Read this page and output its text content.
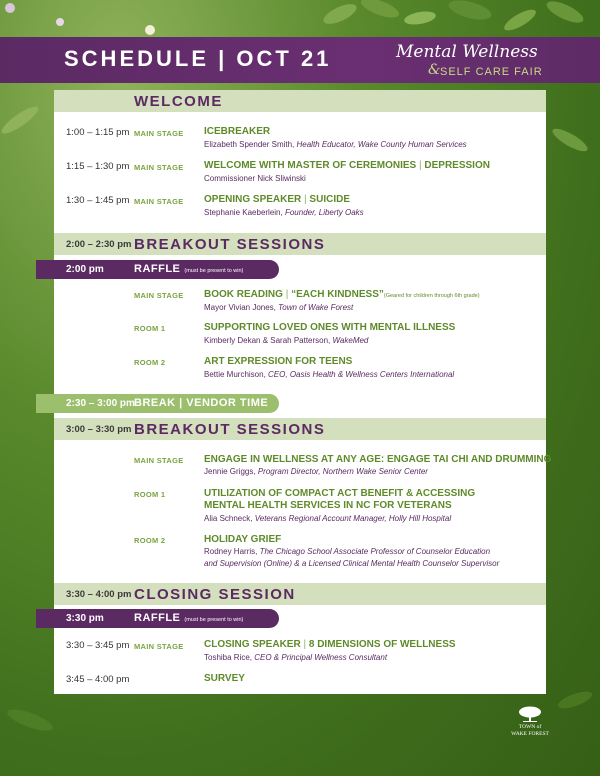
SCHEDULE | OCT 21	Mental Wellness
& SELF CARE FAIR
WELCOME
1:00 – 1:15 pm MAIN STAGE ICEBREAKER
Elizabeth Spender Smith, Health Educator, Wake County Human Services
1:15 – 1:30 pm MAIN STAGE WELCOME WITH MASTER OF CEREMONIES | DEPRESSION
Commissioner Nick Sliwinski
1:30 – 1:45 pm MAIN STAGE OPENING SPEAKER | SUICIDE
Stephanie Kaeberlein, Founder, Liberty Oaks
2:00 – 2:30 pm BREAKOUT SESSIONS
2:00 pm	RAFFLE (must be present to win)
MAIN STAGE BOOK READING | “EACH KINDNESS”(Geared for children through 6th grade)
Mayor Vivian Jones, Town of Wake Forest
ROOM 1	SUPPORTING LOVED ONES WITH MENTAL ILLNESS
Kimberly Dekan & Sarah Patterson, WakeMed
ROOM 2	ART EXPRESSION FOR TEENS
Bettie Murchison, CEO, Oasis Health & Wellness Centers International
2:30 – 3:00 pm BREAK | VENDOR TIME
3:00 – 3:30 pm BREAKOUT SESSIONS
MAIN STAGE ENGAGE IN WELLNESS AT ANY AGE: ENGAGE TAI CHI AND DRUMMING
Jennie Griggs, Program Director, Northern Wake Senior Center
ROOM 1	UTILIZATION OF COMPACT ACT BENEFIT & ACCESSING
MENTAL HEALTH SERVICES IN NC FOR VETERANS
Alia Schneck, Veterans Regional Account Manager, Holly Hill Hospital
ROOM 2	HOLIDAY GRIEF
Rodney Harris, The Chicago School Associate Professor of Counselor Education
and Supervision (Online) & a Licensed Clinical Mental Health Counselor Supervisor
3:30 – 4:00 pm CLOSING SESSION
3:30 pm	RAFFLE (must be present to win)
3:30 – 3:45 pm MAIN STAGE CLOSING SPEAKER | 8 DIMENSIONS OF WELLNESS
Toshiba Rice, CEO & Principal Wellness Consultant
3:45 – 4:00 pm	SURVEY
TOWN of
WAKE FOREST
